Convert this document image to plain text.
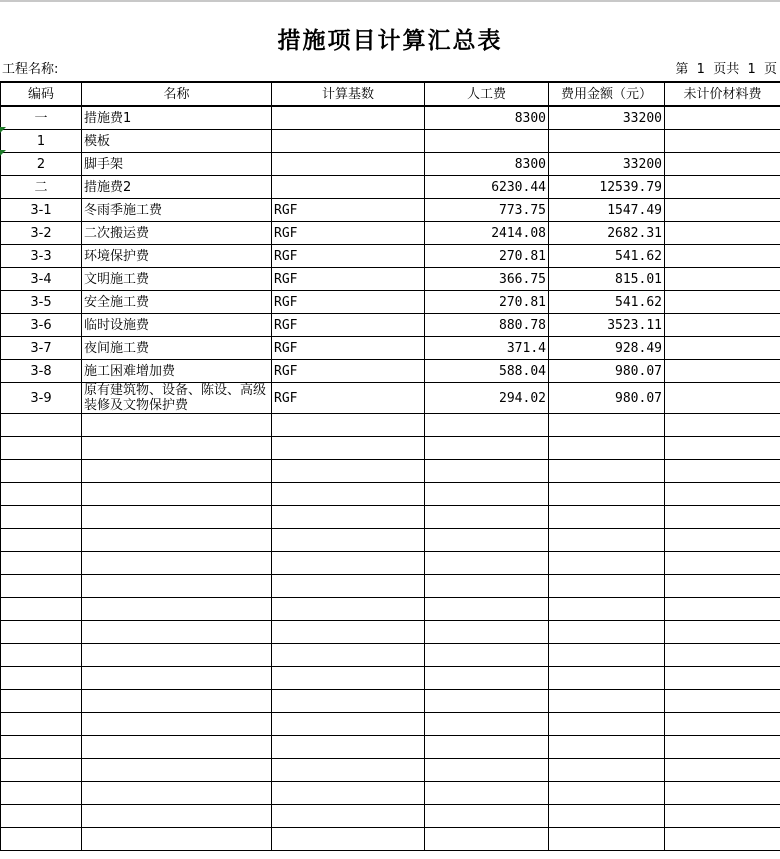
措施项目计算汇总表
工程名称:	第  1  页共  1  页
编码	名称	计算基数	人工费	费用金额（元）	未计价材料费
一	措施费1		8300	33200	
1	模板				
2	脚手架		8300	33200	
二	措施费2		6230.44	12539.79	
3-1	冬雨季施工费	RGF	773.75	1547.49	
3-2	二次搬运费	RGF	2414.08	2682.31	
3-3	环境保护费	RGF	270.81	541.62	
3-4	文明施工费	RGF	366.75	815.01	
3-5	安全施工费	RGF	270.81	541.62	
3-6	临时设施费	RGF	880.78	3523.11	
3-7	夜间施工费	RGF	371.4	928.49	
3-8	施工困难增加费	RGF	588.04	980.07	
3-9	原有建筑物、设备、陈设、高级装修及文物保护费	RGF	294.02	980.07	
